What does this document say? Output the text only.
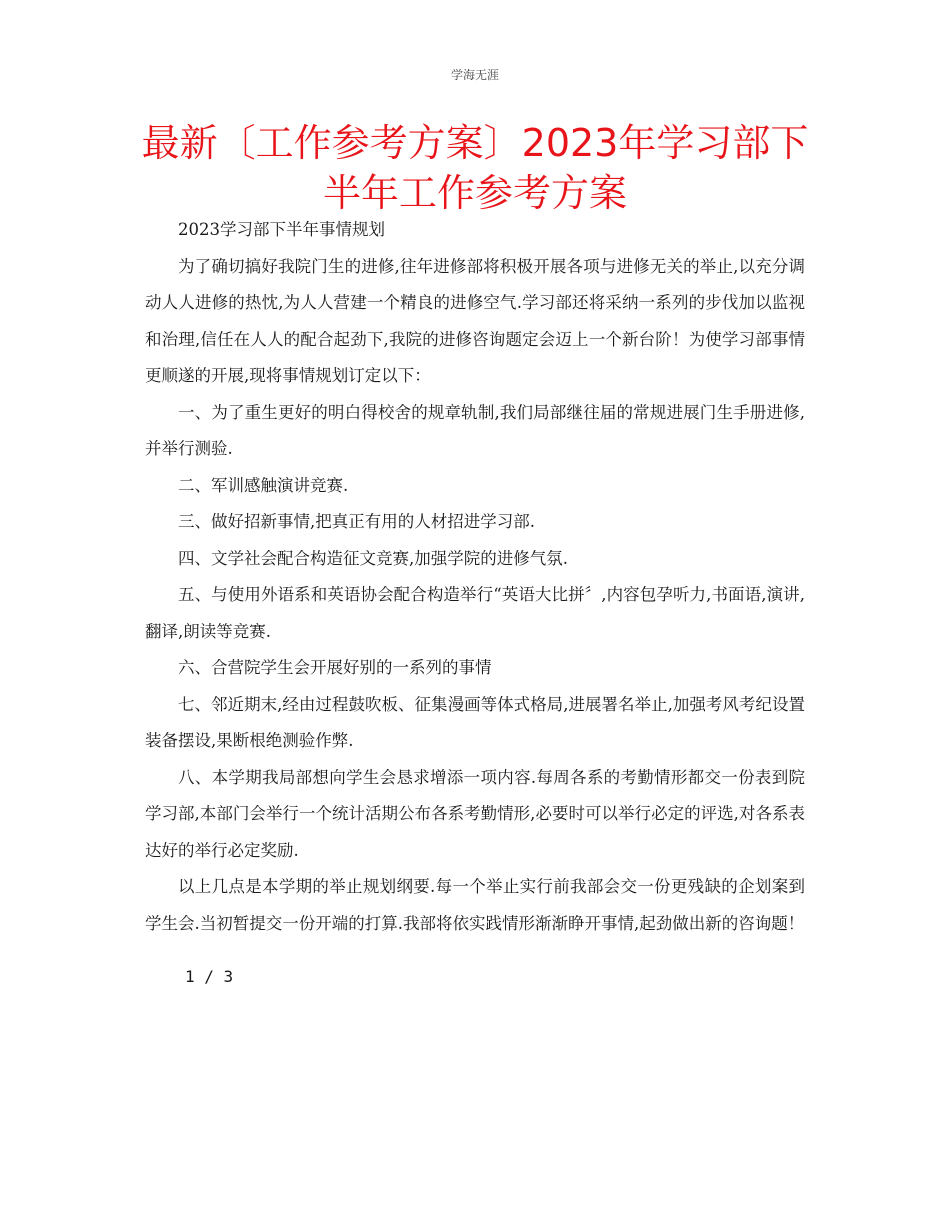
学海无涯
最新〔工作参考方案〕2023年学习部下
半年工作参考方案

2023学习部下半年事情规划

为了确切搞好我院门生的进修,往年进修部将积极开展各项与进修无关的举止,以充分调动人人进修的热忱,为人人营建一个精良的进修空气.学习部还将采纳一系列的步伐加以监视和治理,信任在人人的配合起劲下,我院的进修咨询题定会迈上一个新台阶！为使学习部事情更顺遂的开展,现将事情规划订定以下：

一、为了重生更好的明白得校舍的规章轨制,我们局部继往届的常规进展门生手册进修,并举行测验.

二、军训感触演讲竞赛.

三、做好招新事情,把真正有用的人材招进学习部.

四、文学社会配合构造征文竞赛,加强学院的进修气氛.

五、与使用外语系和英语协会配合构造举行“英语大比拼〞,内容包孕听力,书面语,演讲,翻译,朗读等竞赛.

六、合营院学生会开展好别的一系列的事情

七、邻近期末,经由过程鼓吹板、征集漫画等体式格局,进展署名举止,加强考风考纪设置装备摆设,果断根绝测验作弊.

八、本学期我局部想向学生会恳求增添一项内容.每周各系的考勤情形都交一份表到院学习部,本部门会举行一个统计活期公布各系考勤情形,必要时可以举行必定的评选,对各系表达好的举行必定奖励.

以上几点是本学期的举止规划纲要.每一个举止实行前我部会交一份更残缺的企划案到学生会.当初暂提交一份开端的打算.我部将依实践情形渐渐睁开事情,起劲做出新的咨询题！

1 / 3
